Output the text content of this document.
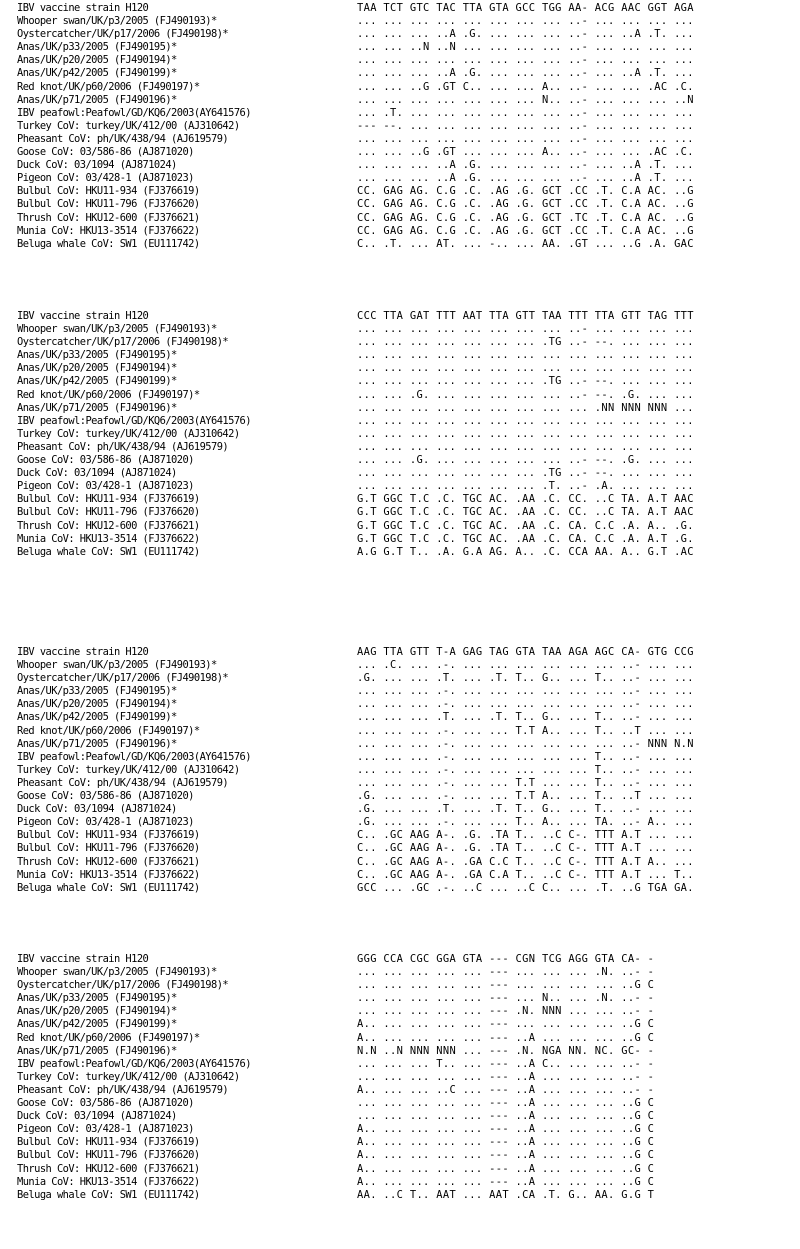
IBV vaccine strain H120	TAA TCT GTC TAC TTA GTA GCC TGG AA- ACG AAC GGT AGA
Whooper swan/UK/p3/2005 (FJ490193)*	... ... ... ... ... ... ... ... ..- ... ... ... ...
Oystercatcher/UK/p17/2006 (FJ490198)*	... ... ... ..A .G. ... ... ... ..- ... ..A .T. ...
Anas/UK/p33/2005 (FJ490195)*	... ... ..N ..N ... ... ... ... ..- ... ... ... ...
Anas/UK/p20/2005 (FJ490194)*	... ... ... ... ... ... ... ... ..- ... ... ... ...
Anas/UK/p42/2005 (FJ490199)*	... ... ... ..A .G. ... ... ... ..- ... ..A .T. ...
Red knot/UK/p60/2006 (FJ490197)*	... ... ..G .GT C.. ... ... A.. ..- ... ... .AC .C.
Anas/UK/p71/2005 (FJ490196)*	... ... ... ... ... ... ... N.. ..- ... ... ... ..N
IBV peafowl:Peafowl/GD/KQ6/2003(AY641576)	... .T. ... ... ... ... ... ... ..- ... ... ... ...
Turkey CoV: turkey/UK/412/00 (AJ310642)	--- --. ... ... ... ... ... ... ..- ... ... ... ...
Pheasant CoV: ph/UK/438/94 (AJ619579)	... ... ... ... ... ... ... ... ..- ... ... ... ...
Goose CoV: 03/586-86 (AJ871020)	... ... ..G .GT ... ... ... A.. ..- ... ... .AC .C.
Duck CoV: 03/1094 (AJ871024)	... ... ... ..A .G. ... ... ... ..- ... ..A .T. ...
Pigeon CoV: 03/428-1 (AJ871023)	... ... ... ..A .G. ... ... ... ..- ... ..A .T. ...
Bulbul CoV: HKU11-934 (FJ376619)	CC. GAG AG. C.G .C. .AG .G. GCT .CC .T. C.A AC. ..G
Bulbul CoV: HKU11-796 (FJ376620)	CC. GAG AG. C.G .C. .AG .G. GCT .CC .T. C.A AC. ..G
Thrush CoV: HKU12-600 (FJ376621)	CC. GAG AG. C.G .C. .AG .G. GCT .TC .T. C.A AC. ..G
Munia CoV: HKU13-3514 (FJ376622)	CC. GAG AG. C.G .C. .AG .G. GCT .CC .T. C.A AC. ..G
Beluga whale CoV: SW1 (EU111742)	C.. .T. ... AT. ... -.. ... AA. .GT ... ..G .A. GAC
IBV vaccine strain H120	CCC TTA GAT TTT AAT TTA GTT TAA TTT TTA GTT TAG TTT
Whooper swan/UK/p3/2005 (FJ490193)*	... ... ... ... ... ... ... ... ..- ... ... ... ...
Oystercatcher/UK/p17/2006 (FJ490198)*	... ... ... ... ... ... ... .TG ..- --. ... ... ...
Anas/UK/p33/2005 (FJ490195)*	... ... ... ... ... ... ... ... ... ... ... ... ...
Anas/UK/p20/2005 (FJ490194)*	... ... ... ... ... ... ... ... ... ... ... ... ...
Anas/UK/p42/2005 (FJ490199)*	... ... ... ... ... ... ... .TG ..- --. ... ... ...
Red knot/UK/p60/2006 (FJ490197)*	... ... .G. ... ... ... ... ... ..- --. .G. ... ...
Anas/UK/p71/2005 (FJ490196)*	... ... ... ... ... ... ... ... ... .NN NNN NNN ...
IBV peafowl:Peafowl/GD/KQ6/2003(AY641576)	... ... ... ... ... ... ... ... ... ... ... ... ...
Turkey CoV: turkey/UK/412/00 (AJ310642)	... ... ... ... ... ... ... ... ... ... ... ... ...
Pheasant CoV: ph/UK/438/94 (AJ619579)	... ... ... ... ... ... ... ... ... ... ... ... ...
Goose CoV: 03/586-86 (AJ871020)	... ... .G. ... ... ... ... ... ..- --. .G. ... ...
Duck CoV: 03/1094 (AJ871024)	... ... ... ... ... ... ... .TG ..- --. ... ... ...
Pigeon CoV: 03/428-1 (AJ871023)	... ... ... ... ... ... ... .T. ..- .A. ... ... ...
Bulbul CoV: HKU11-934 (FJ376619)	G.T GGC T.C .C. TGC AC. .AA .C. CC. ..C TA. A.T AAC
Bulbul CoV: HKU11-796 (FJ376620)	G.T GGC T.C .C. TGC AC. .AA .C. CC. ..C TA. A.T AAC
Thrush CoV: HKU12-600 (FJ376621)	G.T GGC T.C .C. TGC AC. .AA .C. CA. C.C .A. A.. .G.
Munia CoV: HKU13-3514 (FJ376622)	G.T GGC T.C .C. TGC AC. .AA .C. CA. C.C .A. A.T .G.
Beluga whale CoV: SW1 (EU111742)	A.G G.T T.. .A. G.A AG. A.. .C. CCA AA. A.. G.T .AC
IBV vaccine strain H120	AAG TTA GTT T-A GAG TAG GTA TAA AGA AGC CA- GTG CCG
Whooper swan/UK/p3/2005 (FJ490193)*	... .C. ... .-. ... ... ... ... ... ... ..- ... ...
Oystercatcher/UK/p17/2006 (FJ490198)*	.G. ... ... .T. ... .T. T.. G.. ... T.. ..- ... ...
Anas/UK/p33/2005 (FJ490195)*	... ... ... .-. ... ... ... ... ... ... ..- ... ...
Anas/UK/p20/2005 (FJ490194)*	... ... ... .-. ... ... ... ... ... ... ..- ... ...
Anas/UK/p42/2005 (FJ490199)*	... ... ... .T. ... .T. T.. G.. ... T.. ..- ... ...
Red knot/UK/p60/2006 (FJ490197)*	... ... ... .-. ... ... T.T A.. ... T.. ..T ... ...
Anas/UK/p71/2005 (FJ490196)*	... ... ... .-. ... ... ... ... ... ... ..- NNN N.N
IBV peafowl:Peafowl/GD/KQ6/2003(AY641576)	... ... ... .-. ... ... ... ... ... T.. ..- ... ...
Turkey CoV: turkey/UK/412/00 (AJ310642)	... ... ... .-. ... ... ... ... ... T.. ..- ... ...
Pheasant CoV: ph/UK/438/94 (AJ619579)	... ... ... .-. ... ... T.T ... ... T.. ..- ... ...
Goose CoV: 03/586-86 (AJ871020)	.G. ... ... .-. ... ... T.T A.. ... T.. ..T ... ...
Duck CoV: 03/1094 (AJ871024)	.G. ... ... .T. ... .T. T.. G.. ... T.. ..- ... ...
Pigeon CoV: 03/428-1 (AJ871023)	.G. ... ... .-. ... ... T.. A.. ... TA. ..- A.. ...
Bulbul CoV: HKU11-934 (FJ376619)	C.. .GC AAG A-. .G. .TA T.. ..C C-. TTT A.T ... ...
Bulbul CoV: HKU11-796 (FJ376620)	C.. .GC AAG A-. .G. .TA T.. ..C C-. TTT A.T ... ...
Thrush CoV: HKU12-600 (FJ376621)	C.. .GC AAG A-. .GA C.C T.. ..C C-. TTT A.T A.. ...
Munia CoV: HKU13-3514 (FJ376622)	C.. .GC AAG A-. .GA C.A T.. ..C C-. TTT A.T ... T..
Beluga whale CoV: SW1 (EU111742)	GCC ... .GC .-. ..C ... ..C C.. ... .T. ..G TGA GA.
IBV vaccine strain H120	GGG CCA CGC GGA GTA --- CGN TCG AGG GTA CA- -
Whooper swan/UK/p3/2005 (FJ490193)*	... ... ... ... ... --- ... ... ... .N. ..- -
Oystercatcher/UK/p17/2006 (FJ490198)*	... ... ... ... ... --- ... ... ... ... ..G C
Anas/UK/p33/2005 (FJ490195)*	... ... ... ... ... --- ... N.. ... .N. ..- -
Anas/UK/p20/2005 (FJ490194)*	... ... ... ... ... --- .N. NNN ... ... ..- -
Anas/UK/p42/2005 (FJ490199)*	A.. ... ... ... ... --- ... ... ... ... ..G C
Red knot/UK/p60/2006 (FJ490197)*	A.. ... ... ... ... --- ..A ... ... ... ..G C
Anas/UK/p71/2005 (FJ490196)*	N.N ..N NNN NNN ... --- .N. NGA NN. NC. GC- -
IBV peafowl:Peafowl/GD/KQ6/2003(AY641576)	... ... ... T.. ... --- ..A C.. ... ... ..- -
Turkey CoV: turkey/UK/412/00 (AJ310642)	... ... ... ... ... --- ..A ... ... ... ..- -
Pheasant CoV: ph/UK/438/94 (AJ619579)	A.. ... ... ..C ... --- ..A ... ... ... ..- -
Goose CoV: 03/586-86 (AJ871020)	... ... ... ... ... --- ..A ... ... ... ..G C
Duck CoV: 03/1094 (AJ871024)	... ... ... ... ... --- ..A ... ... ... ..G C
Pigeon CoV: 03/428-1 (AJ871023)	A.. ... ... ... ... --- ..A ... ... ... ..G C
Bulbul CoV: HKU11-934 (FJ376619)	A.. ... ... ... ... --- ..A ... ... ... ..G C
Bulbul CoV: HKU11-796 (FJ376620)	A.. ... ... ... ... --- ..A ... ... ... ..G C
Thrush CoV: HKU12-600 (FJ376621)	A.. ... ... ... ... --- ..A ... ... ... ..G C
Munia CoV: HKU13-3514 (FJ376622)	A.. ... ... ... ... --- ..A ... ... ... ..G C
Beluga whale CoV: SW1 (EU111742)	AA. ..C T.. AAT ... AAT .CA .T. G.. AA. G.G T
